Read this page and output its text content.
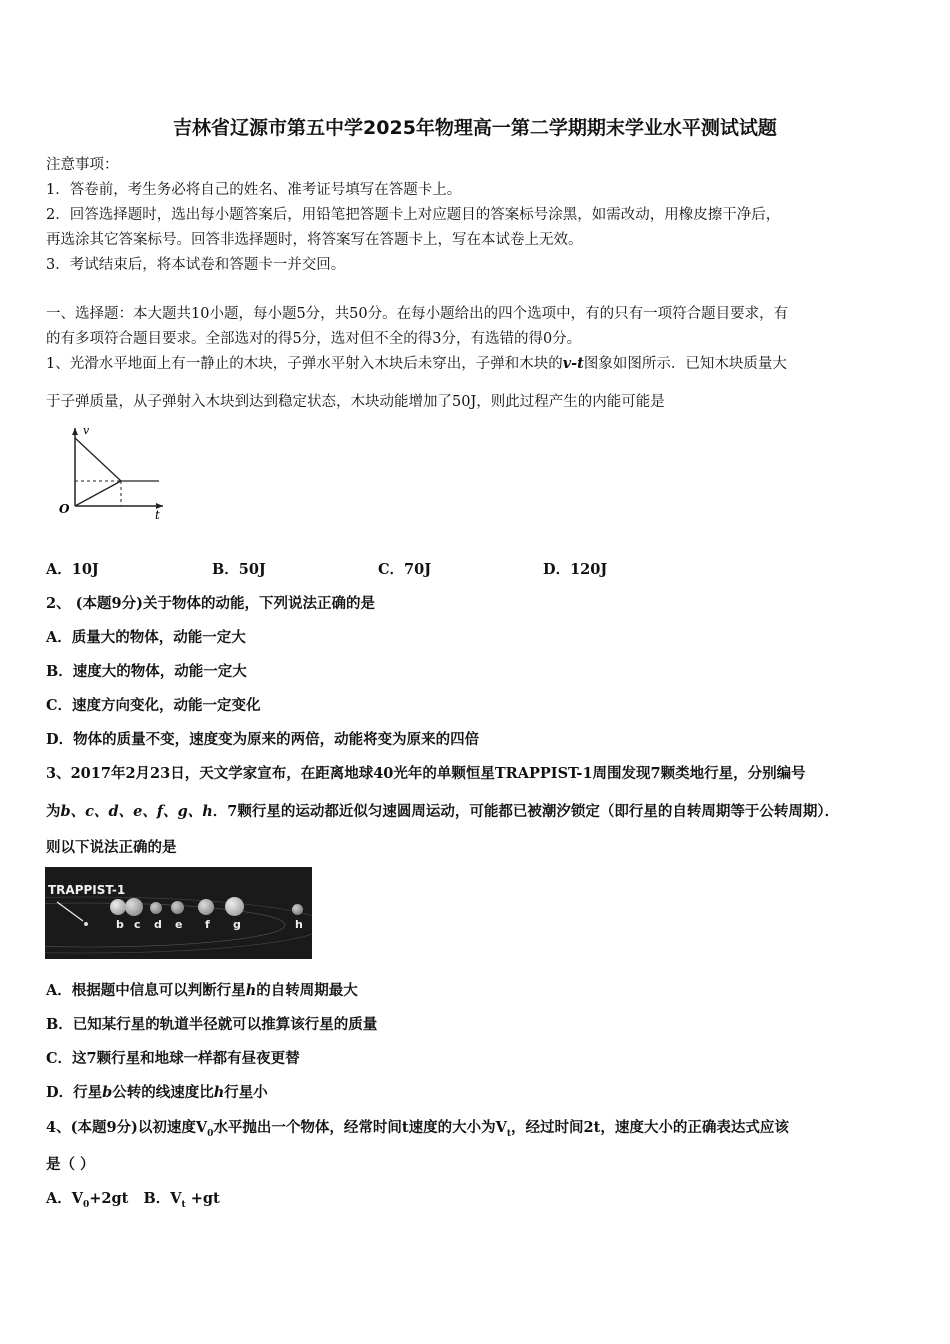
吉林省辽源市第五中学2025年物理高一第二学期期末学业水平测试试题
注意事项：
1．答卷前，考生务必将自己的姓名、准考证号填写在答题卡上。
2．回答选择题时，选出每小题答案后，用铅笔把答题卡上对应题目的答案标号涂黑，如需改动，用橡皮擦干净后，
再选涂其它答案标号。回答非选择题时，将答案写在答题卡上，写在本试卷上无效。
3．考试结束后，将本试卷和答题卡一并交回。
一、选择题：本大题共10小题，每小题5分，共50分。在每小题给出的四个选项中，有的只有一项符合题目要求，有
的有多项符合题目要求。全部选对的得5分，选对但不全的得3分，有选错的得0分。
1、光滑水平地面上有一静止的木块，子弹水平射入木块后未穿出，子弹和木块的v-t图象如图所示．已知木块质量大
于子弹质量，从子弹射入木块到达到稳定状态，木块动能增加了50J，则此过程产生的内能可能是
v
t
O
A．10J	B．50J	C．70J	D．120J
2、 (本题9分)关于物体的动能，下列说法正确的是
A．质量大的物体，动能一定大
B．速度大的物体，动能一定大
C．速度方向变化，动能一定变化
D．物体的质量不变，速度变为原来的两倍，动能将变为原来的四倍
3、2017年2月23日，天文学家宣布，在距离地球40光年的单颗恒星TRAPPIST-1周围发现7颗类地行星，分别编号
为b、c、d、e、f、g、h．7颗行星的运动都近似匀速圆周运动，可能都已被潮汐锁定（即行星的自转周期等于公转周期）．
则以下说法正确的是
TRAPPIST-1
b c d e f g	h
A．根据题中信息可以判断行星h的自转周期最大
B．已知某行星的轨道半径就可以推算该行星的质量
C．这7颗行星和地球一样都有昼夜更替
D．行星b公转的线速度比h行星小
4、(本题9分)以初速度$V_0$水平抛出一个物体，经常时间t速度的大小为$V_t$，经过时间2t，速度大小的正确表达式应该
是（ ）
A．$V_0+2gt$ B．$V_t +gt$
